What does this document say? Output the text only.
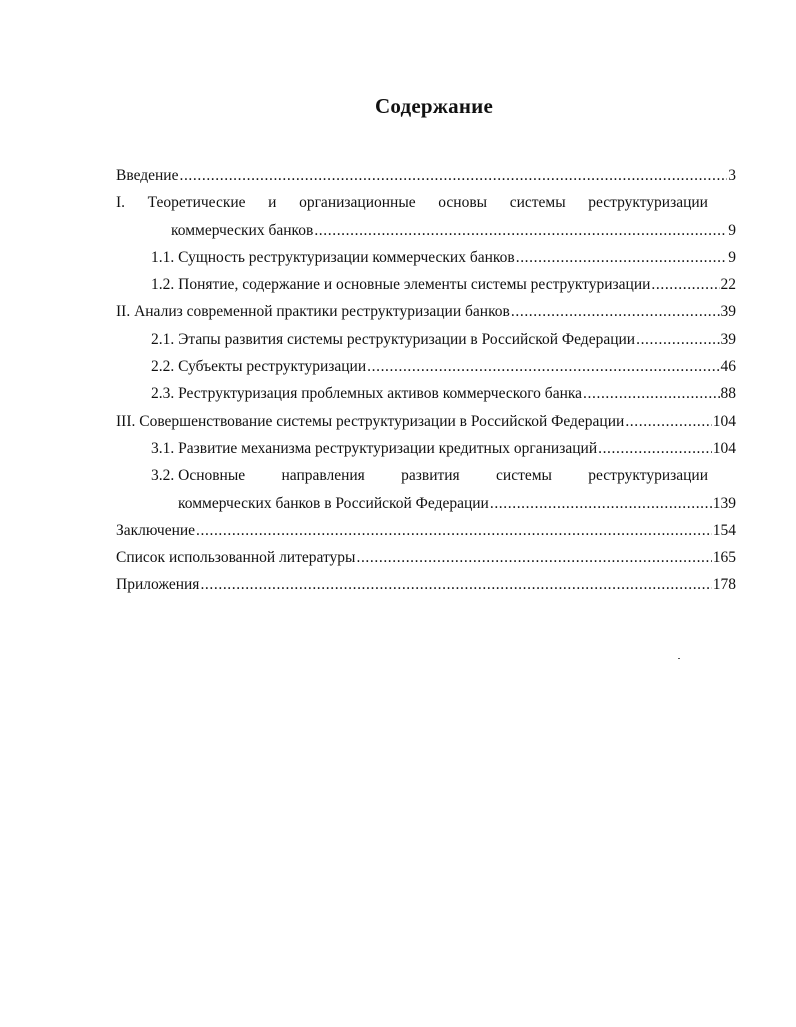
Содержание
Введение .....	3
I. Теоретические и организационные основы системы реструктуризации
коммерческих банков .....	9
1.1. Сущность реструктуризации коммерческих банков .....	9
1.2. Понятие, содержание и основные элементы системы реструктуризации .....	22
II. Анализ современной практики реструктуризации банков .....	39
2.1. Этапы развития системы реструктуризации в Российской Федерации .....	39
2.2. Субъекты реструктуризации .....	46
2.3. Реструктуризация проблемных активов коммерческого банка .....	88
III. Совершенствование системы реструктуризации в Российской Федерации .....	104
3.1. Развитие механизма реструктуризации кредитных организаций .....	104
3.2. Основные направления развития системы реструктуризации
коммерческих банков в Российской Федерации .....	139
Заключение .....	154
Список использованной литературы .....	165
Приложения .....	178
